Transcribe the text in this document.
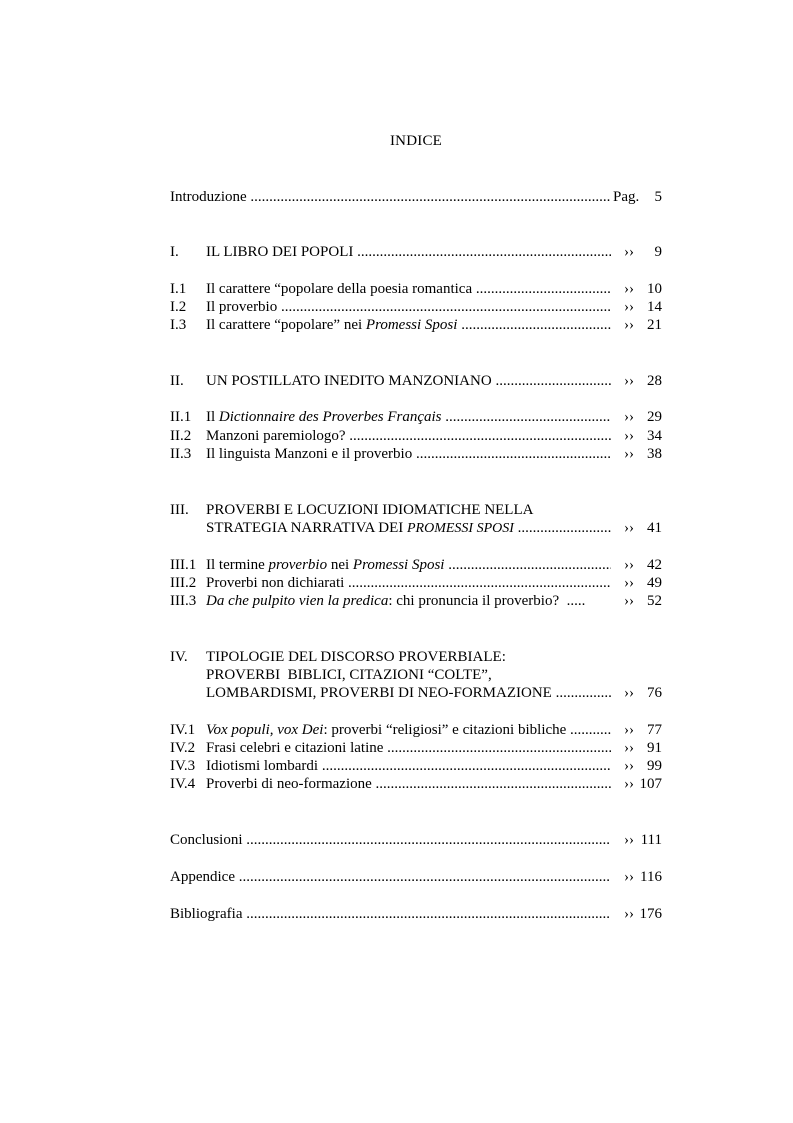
INDICE
Introduzione .....	Pag. 5
I. IL LIBRO DEI POPOLI .....	›› 9
I.1 Il carattere “popolare della poesia romantica .....	›› 10
I.2 Il proverbio .....	›› 14
I.3 Il carattere “popolare” nei Promessi Sposi .....	›› 21
II. UN POSTILLATO INEDITO MANZONIANO .....	›› 28
II.1 Il Dictionnaire des Proverbes Français .....	›› 29
II.2 Manzoni paremiologo? .....	›› 34
II.3 Il linguista Manzoni e il proverbio .....	›› 38
III. PROVERBI E LOCUZIONI IDIOMATICHE NELLA
STRATEGIA NARRATIVA DEI PROMESSI SPOSI .....	›› 41
III.1 Il termine proverbio nei Promessi Sposi .....	›› 42
III.2 Proverbi non dichiarati .....	›› 49
III.3 Da che pulpito vien la predica: chi pronuncia il proverbio? .....	›› 52
IV. TIPOLOGIE DEL DISCORSO PROVERBIALE:
PROVERBI  BIBLICI, CITAZIONI “COLTE”,
LOMBARDISMI, PROVERBI DI NEO-FORMAZIONE .....	›› 76
IV.1 Vox populi, vox Dei: proverbi “religiosi” e citazioni bibliche .....	›› 77
IV.2 Frasi celebri e citazioni latine .....	›› 91
IV.3 Idiotismi lombardi .....	›› 99
IV.4 Proverbi di neo-formazione .....	›› 107
Conclusioni .....	›› 111
Appendice .....	›› 116
Bibliografia .....	›› 176
